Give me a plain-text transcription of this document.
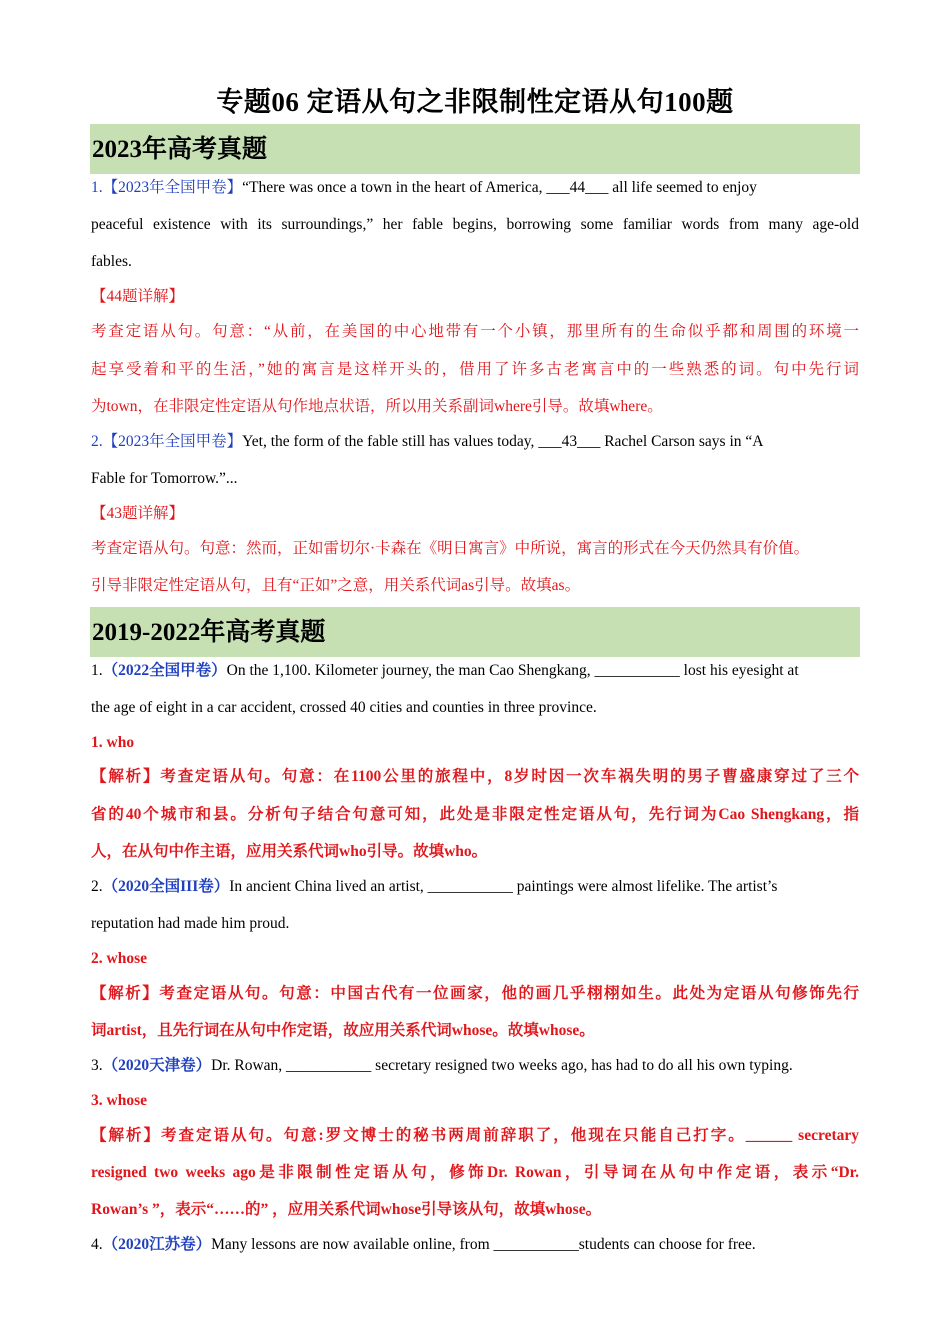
专题06 定语从句之非限制性定语从句100题
2023年高考真题
1.【2023年全国甲卷】“There was once a town in the heart of America, ___44___ all life seemed to enjoy
peaceful existence with its surroundings,” her fable begins, borrowing some familiar words from many age-old
fables.
【44题详解】
考查定语从句。句意：“从前，在美国的中心地带有一个小镇，那里所有的生命似乎都和周围的环境一
起享受着和平的生活，”她的寓言是这样开头的，借用了许多古老寓言中的一些熟悉的词。句中先行词
为town，在非限定性定语从句作地点状语，所以用关系副词where引导。故填where。
2.【2023年全国甲卷】Yet, the form of the fable still has values today, ___43___ Rachel Carson says in “A
Fable for Tomorrow.”...
【43题详解】
考查定语从句。句意：然而，正如雷切尔·卡森在《明日寓言》中所说，寓言的形式在今天仍然具有价值。
引导非限定性定语从句，且有“正如”之意，用关系代词as引导。故填as。
2019-2022年高考真题
1.（2022全国甲卷）On the 1,100. Kilometer journey, the man Cao Shengkang, ___________ lost his eyesight at
the age of eight in a car accident, crossed 40 cities and counties in three province.
1. who
【解析】考查定语从句。句意：在1100公里的旅程中，8岁时因一次车祸失明的男子曹盛康穿过了三个
省的40个城市和县。分析句子结合句意可知，此处是非限定性定语从句，先行词为Cao Shengkang，指
人，在从句中作主语，应用关系代词who引导。故填who。
2.（2020全国III卷）In ancient China lived an artist, ___________ paintings were almost lifelike. The artist’s
reputation had made him proud.
2. whose
【解析】考查定语从句。句意：中国古代有一位画家，他的画几乎栩栩如生。此处为定语从句修饰先行
词artist，且先行词在从句中作定语，故应用关系代词whose。故填whose。
3.（2020天津卷）Dr. Rowan, ___________ secretary resigned two weeks ago, has had to do all his own typing.
3. whose
【解析】考查定语从句。句意:罗文博士的秘书两周前辞职了，他现在只能自己打字。______ secretary
resigned two weeks ago是非限制性定语从句，修饰Dr. Rowan，引导词在从句中作定语，表示“Dr.
Rowan’s ”，表示“……的” ，应用关系代词whose引导该从句，故填whose。
4.（2020江苏卷）Many lessons are now available online, from ___________students can choose for free.
